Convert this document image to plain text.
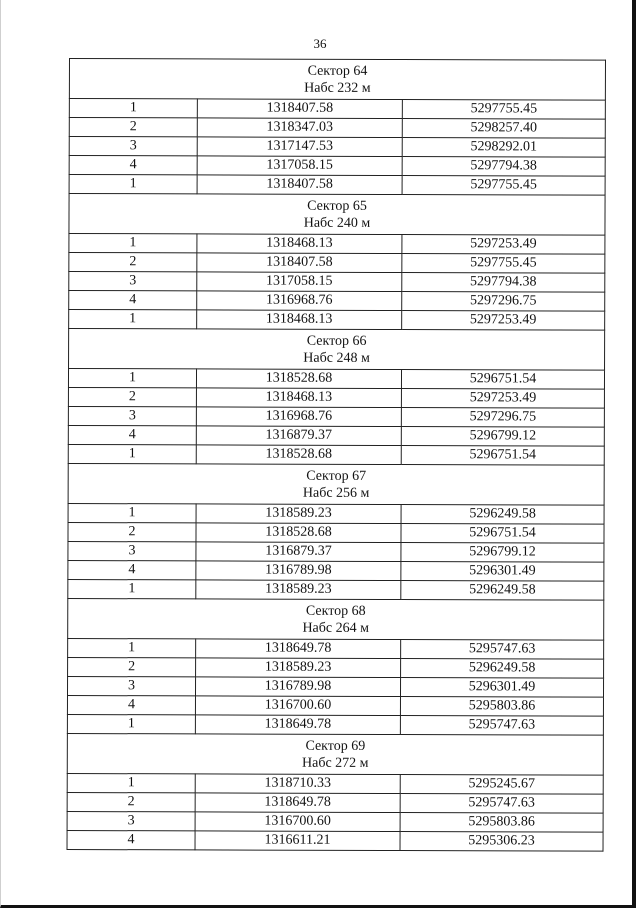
36
Сектор 64
Набс 232 м		

1	1318407.58	5297755.45
2	1318347.03	5298257.40
3	1317147.53	5298292.01
4	1317058.15	5297794.38
1	1318407.58	5297755.45

Сектор 65
Набс 240 м		

1	1318468.13	5297253.49
2	1318407.58	5297755.45
3	1317058.15	5297794.38
4	1316968.76	5297296.75
1	1318468.13	5297253.49

Сектор 66
Набс 248 м		

1	1318528.68	5296751.54
2	1318468.13	5297253.49
3	1316968.76	5297296.75
4	1316879.37	5296799.12
1	1318528.68	5296751.54

Сектор 67
Набс 256 м		

1	1318589.23	5296249.58
2	1318528.68	5296751.54
3	1316879.37	5296799.12
4	1316789.98	5296301.49
1	1318589.23	5296249.58

Сектор 68
Набс 264 м		

1	1318649.78	5295747.63
2	1318589.23	5296249.58
3	1316789.98	5296301.49
4	1316700.60	5295803.86
1	1318649.78	5295747.63

Сектор 69
Набс 272 м		

1	1318710.33	5295245.67
2	1318649.78	5295747.63
3	1316700.60	5295803.86
4	1316611.21	5295306.23
